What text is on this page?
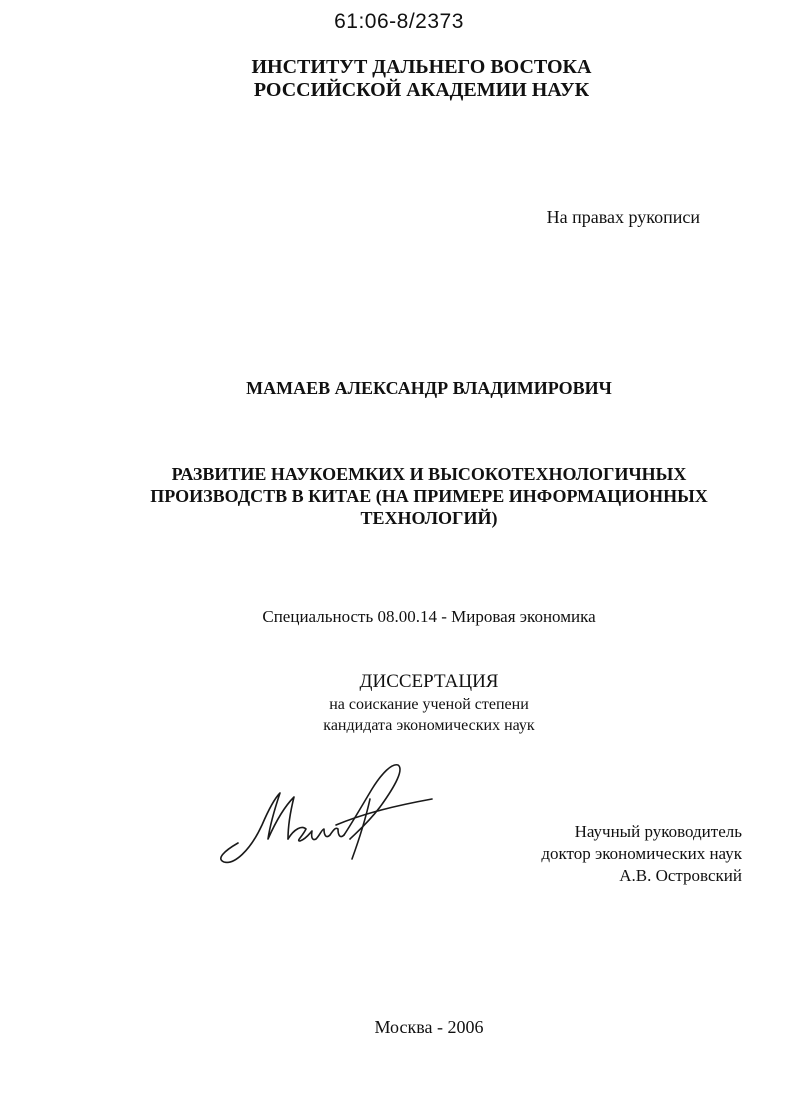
61:06-8/2373
ИНСТИТУТ ДАЛЬНЕГО ВОСТОКА
РОССИЙСКОЙ АКАДЕМИИ НАУК
На правах рукописи
МАМАЕВ АЛЕКСАНДР ВЛАДИМИРОВИЧ
РАЗВИТИЕ НАУКОЕМКИХ И ВЫСОКОТЕХНОЛОГИЧНЫХ
ПРОИЗВОДСТВ В КИТАЕ (НА ПРИМЕРЕ ИНФОРМАЦИОННЫХ
ТЕХНОЛОГИЙ)
Специальность 08.00.14 - Мировая экономика
ДИССЕРТАЦИЯ
на соискание ученой степени
кандидата экономических наук
Научный руководитель
доктор экономических наук
А.В. Островский
Москва - 2006
